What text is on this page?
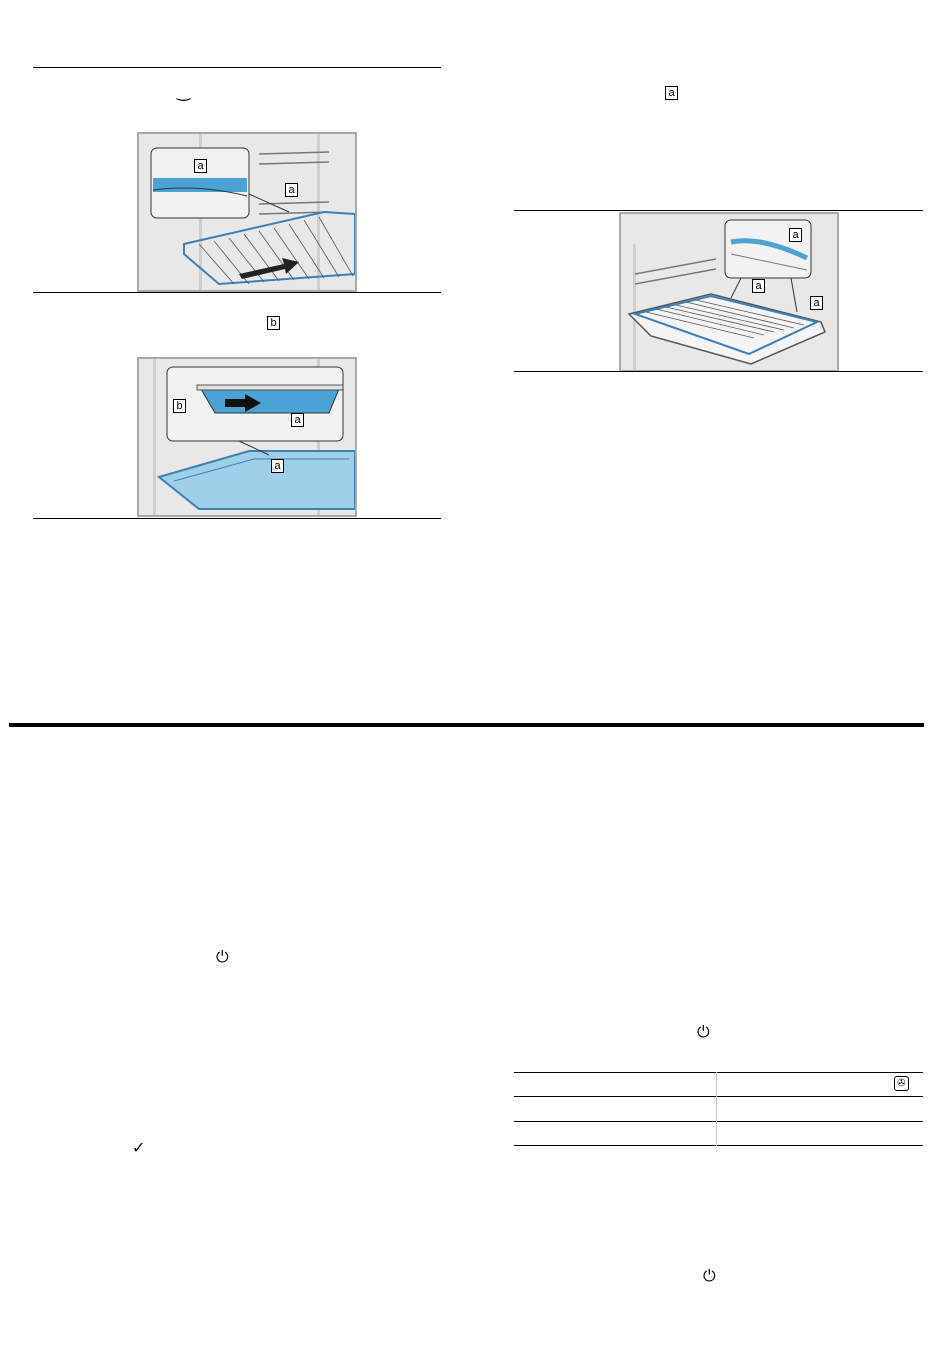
‿
a
a
b
b
a
a
a
a
a
a
⏻
✓
⏻
✇
⏻
